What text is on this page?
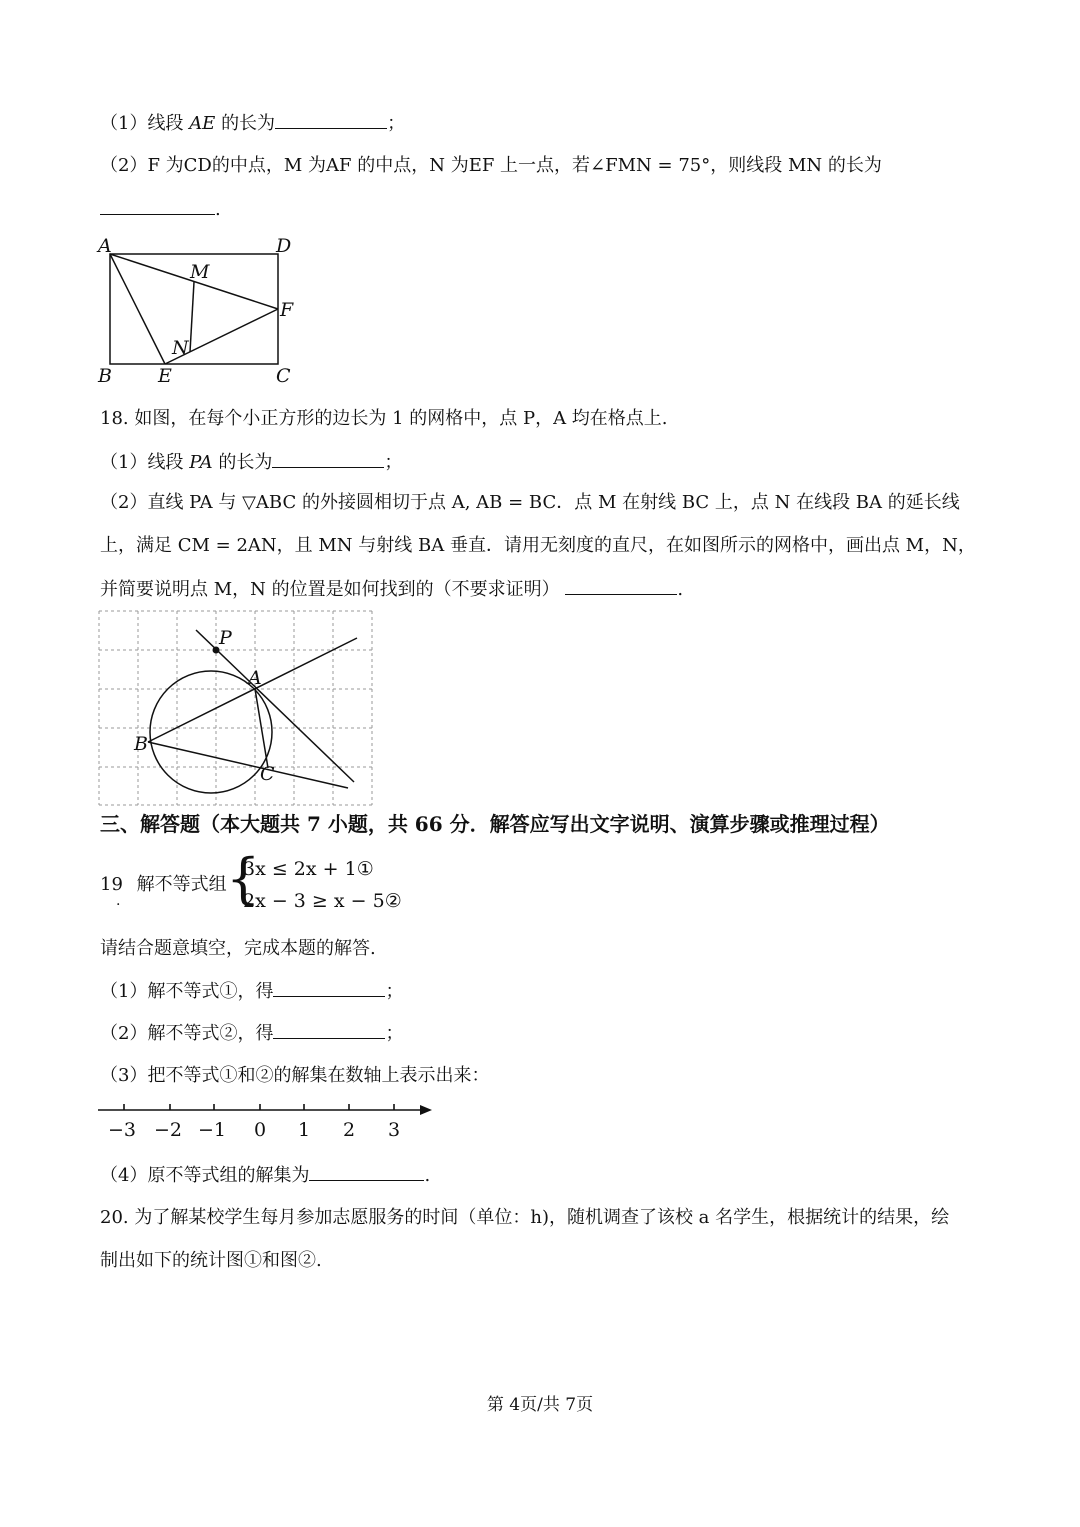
（1）线段 AE 的长为	；
（2）F 为CD的中点，M 为AF 的中点，N 为EF 上一点，若∠FMN = 75°，则线段 MN 的长为
.
A	D
M
F
N
B E	C
18. 如图，在每个小正方形的边长为 1 的网格中，点 P，A 均在格点上.
（1）线段 PA 的长为	；
（2）直线 PA 与 ▽ABC 的外接圆相切于点 A, AB = BC．点 M 在射线 BC 上，点 N 在线段 BA 的延长线
上，满足 CM = 2AN，且 MN 与射线 BA 垂直．请用无刻度的直尺，在如图所示的网格中，画出点 M，N，
并简要说明点 M，N 的位置是如何找到的（不要求证明）	.
P
A
B
C
三、解答题（本大题共 7 小题，共 66 分．解答应写出文字说明、演算步骤或推理过程）
19 解不等式组
. {
3x ≤ 2x + 1①
2x − 3 ≥ x − 5②
请结合题意填空，完成本题的解答.
（1）解不等式①，得	；
（2）解不等式②，得	；
（3）把不等式①和②的解集在数轴上表示出来：
−3 −2 −1 0 1 2 3
（4）原不等式组的解集为	.
20. 为了解某校学生每月参加志愿服务的时间（单位：h)，随机调查了该校 a 名学生，根据统计的结果，绘
制出如下的统计图①和图②.
第 4页/共 7页
